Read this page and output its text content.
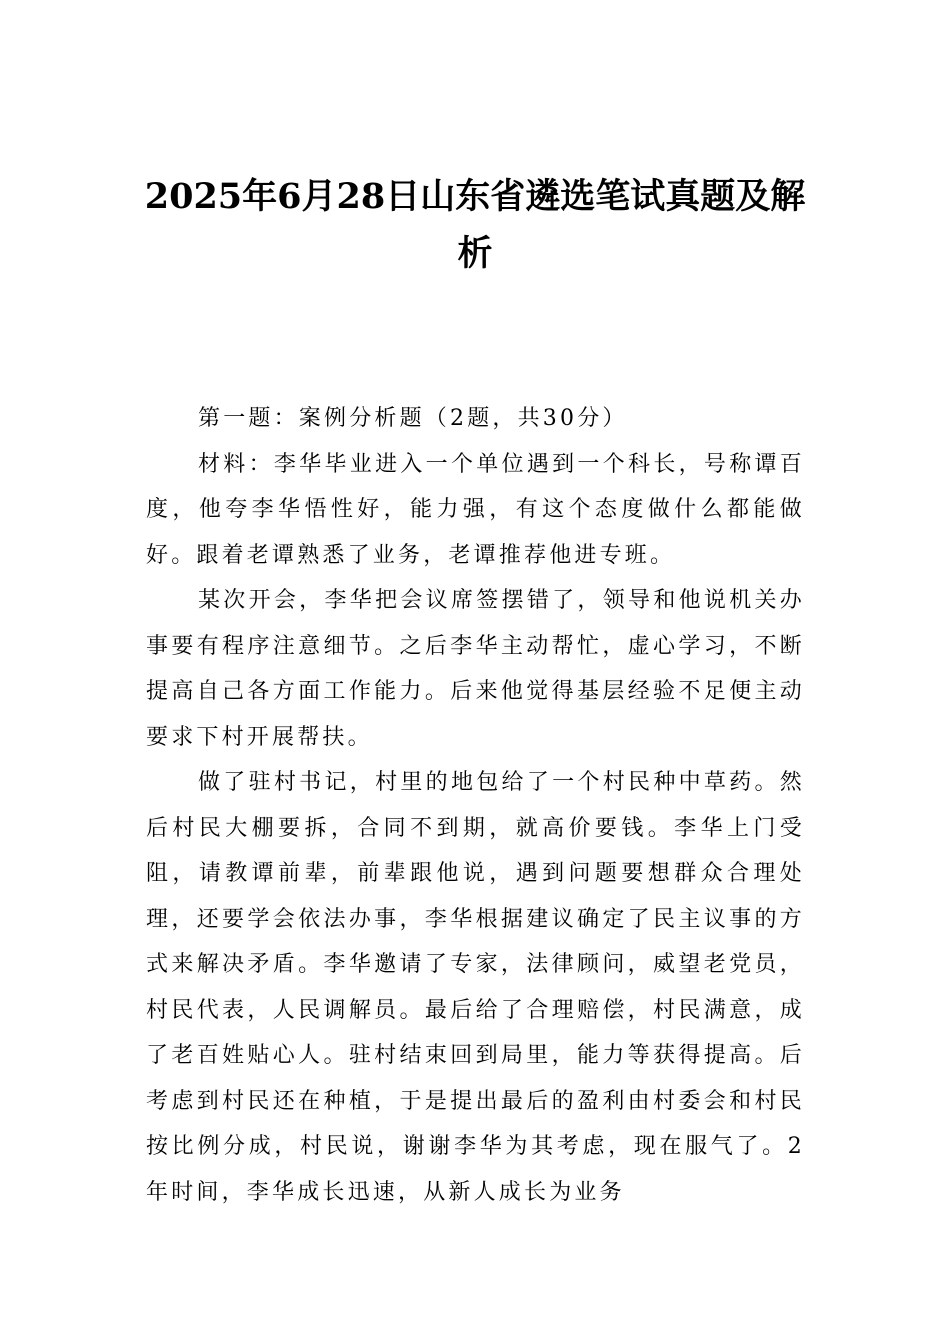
2025年6月28日山东省遴选笔试真题及解析

第一题：案例分析题（2题，共30分）

材料：李华毕业进入一个单位遇到一个科长，号称谭百度，他夸李华悟性好，能力强，有这个态度做什么都能做好。跟着老谭熟悉了业务，老谭推荐他进专班。

某次开会，李华把会议席签摆错了，领导和他说机关办事要有程序注意细节。之后李华主动帮忙，虚心学习，不断提高自己各方面工作能力。后来他觉得基层经验不足便主动要求下村开展帮扶。

做了驻村书记，村里的地包给了一个村民种中草药。然后村民大棚要拆，合同不到期，就高价要钱。李华上门受阻，请教谭前辈，前辈跟他说，遇到问题要想群众合理处理，还要学会依法办事，李华根据建议确定了民主议事的方式来解决矛盾。李华邀请了专家，法律顾问，威望老党员，村民代表，人民调解员。最后给了合理赔偿，村民满意，成了老百姓贴心人。驻村结束回到局里，能力等获得提高。后考虑到村民还在种植，于是提出最后的盈利由村委会和村民按比例分成，村民说，谢谢李华为其考虑，现在服气了。2年时间，李华成长迅速，从新人成长为业务
